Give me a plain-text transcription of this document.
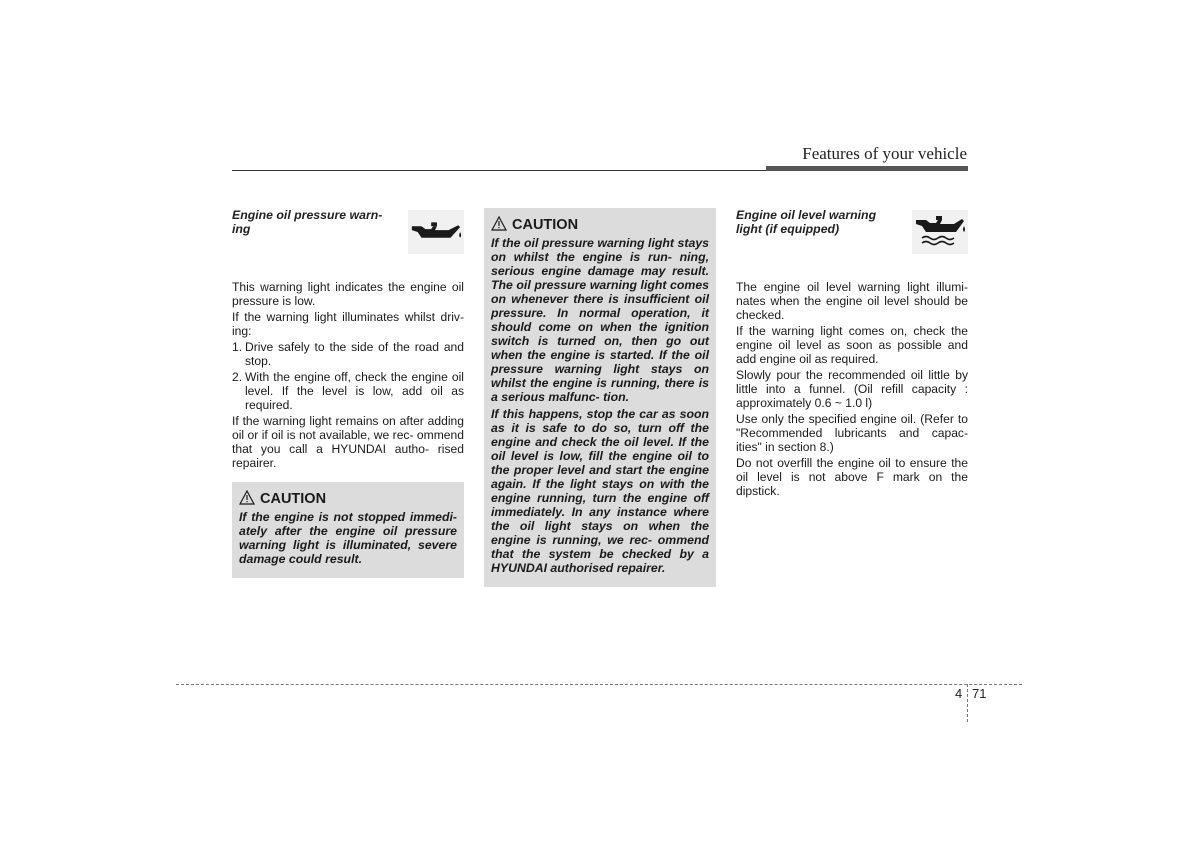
Features of your vehicle

Engine oil pressure warn- ing

This warning light indicates the engine oil pressure is low.

If the warning light illuminates whilst driv- ing:

1. Drive safely to the side of the road and stop.
2. With the engine off, check the engine oil level. If the level is low, add oil as required.

If the warning light remains on after adding oil or if oil is not available, we rec- ommend that you call a HYUNDAI autho- rised repairer.

CAUTION

If the engine is not stopped immedi- ately after the engine oil pressure warning light is illuminated, severe damage could result.

CAUTION

If the oil pressure warning light stays on whilst the engine is run- ning, serious engine damage may result. The oil pressure warning light comes on whenever there is insufficient oil pressure. In normal operation, it should come on when the ignition switch is turned on, then go out when the engine is started. If the oil pressure warning light stays on whilst the engine is running, there is a serious malfunc- tion.

If this happens, stop the car as soon as it is safe to do so, turn off the engine and check the oil level. If the oil level is low, fill the engine oil to the proper level and start the engine again. If the light stays on with the engine running, turn the engine off immediately. In any instance where the oil light stays on when the engine is running, we rec- ommend that the system be checked by a HYUNDAI authorised repairer.

Engine oil level warning light (if equipped)

The engine oil level warning light illumi- nates when the engine oil level should be checked.

If the warning light comes on, check the engine oil level as soon as possible and add engine oil as required.

Slowly pour the recommended oil little by little into a funnel. (Oil refill capacity : approximately 0.6 ~ 1.0 l)

Use only the specified engine oil. (Refer to "Recommended lubricants and capac- ities" in section 8.)

Do not overfill the engine oil to ensure the oil level is not above F mark on the dipstick.

4 71
